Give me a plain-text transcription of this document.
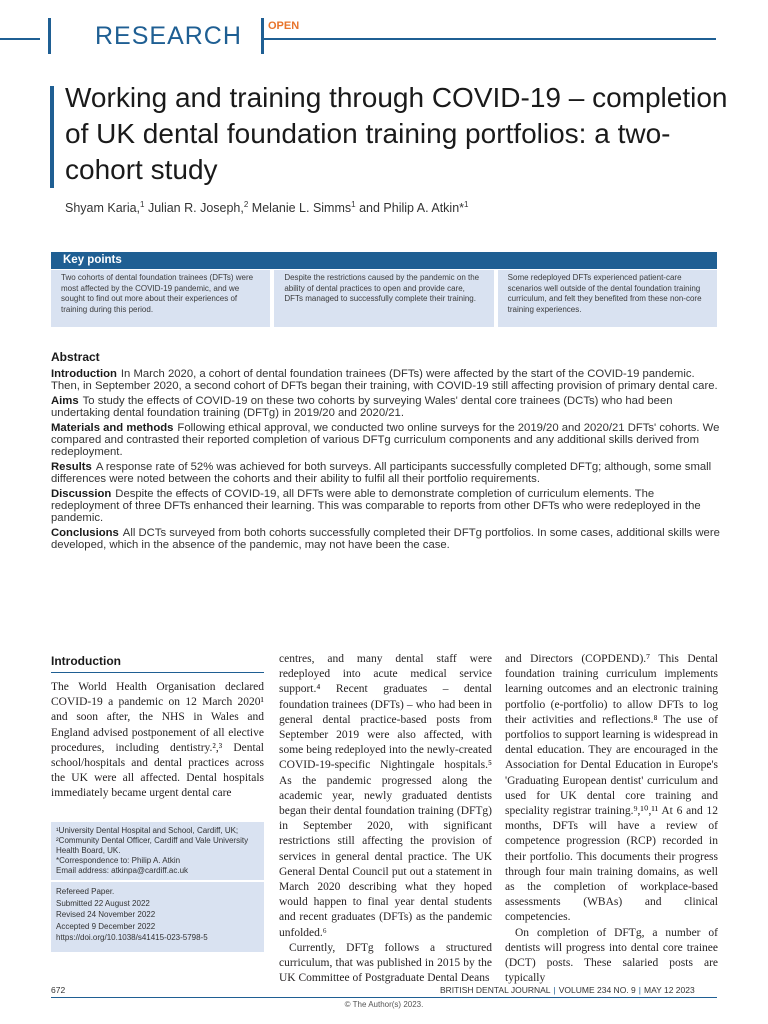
RESEARCH OPEN
Working and training through COVID-19 – completion of UK dental foundation training portfolios: a two-cohort study
Shyam Karia,$^1$ Julian R. Joseph,$^2$ Melanie L. Simms$^1$ and Philip A. Atkin*$^1$
Key points
Two cohorts of dental foundation trainees (DFTs) were most affected by the COVID-19 pandemic, and we sought to find out more about their experiences of training during this period.
Despite the restrictions caused by the pandemic on the ability of dental practices to open and provide care, DFTs managed to successfully complete their training.
Some redeployed DFTs experienced patient-care scenarios well outside of the dental foundation training curriculum, and felt they benefited from these non-core training experiences.
Abstract
Introduction In March 2020, a cohort of dental foundation trainees (DFTs) were affected by the start of the COVID-19 pandemic. Then, in September 2020, a second cohort of DFTs began their training, with COVID-19 still affecting provision of primary dental care.
Aims To study the effects of COVID-19 on these two cohorts by surveying Wales' dental core trainees (DCTs) who had been undertaking dental foundation training (DFTg) in 2019/20 and 2020/21.
Materials and methods Following ethical approval, we conducted two online surveys for the 2019/20 and 2020/21 DFTs' cohorts. We compared and contrasted their reported completion of various DFTg curriculum components and any additional skills derived from redeployment.
Results A response rate of 52% was achieved for both surveys. All participants successfully completed DFTg; although, some small differences were noted between the cohorts and their ability to fulfil all their portfolio requirements.
Discussion Despite the effects of COVID-19, all DFTs were able to demonstrate completion of curriculum elements. The redeployment of three DFTs enhanced their learning. This was comparable to reports from other DFTs who were redeployed in the pandemic.
Conclusions All DCTs surveyed from both cohorts successfully completed their DFTg portfolios. In some cases, additional skills were developed, which in the absence of the pandemic, may not have been the case.
Introduction

The World Health Organisation declared COVID-19 a pandemic on 12 March 2020¹ and soon after, the NHS in Wales and England advised postponement of all elective procedures, including dentistry.²,³ Dental school/hospitals and dental practices across the UK were all affected. Dental hospitals immediately became urgent dental care

¹University Dental Hospital and School, Cardiff, UK;
²Community Dental Officer, Cardiff and Vale University
Health Board, UK.
*Correspondence to: Philip A. Atkin
Email address: atkinpa@cardiff.ac.uk
Refereed Paper.
Submitted 22 August 2022
Revised 24 November 2022
Accepted 9 December 2022
https://doi.org/10.1038/s41415-023-5798-5

centres, and many dental staff were redeployed into acute medical service support.⁴ Recent graduates – dental foundation trainees (DFTs) – who had been in general dental practice-based posts from September 2019 were also affected, with some being redeployed into the newly-created COVID-19-specific Nightingale hospitals.⁵ As the pandemic progressed along the academic year, newly graduated dentists began their dental foundation training (DFTg) in September 2020, with significant restrictions still affecting the provision of services in general dental practice. The UK General Dental Council put out a statement in March 2020 describing what they hoped would happen to final year dental students and recent graduates (DFTs) as the pandemic unfolded.⁶

Currently, DFTg follows a structured curriculum, that was published in 2015 by the UK Committee of Postgraduate Dental Deans

and Directors (COPDEND).⁷ This Dental foundation training curriculum implements learning outcomes and an electronic training portfolio (e-portfolio) to allow DFTs to log their activities and reflections.⁸ The use of portfolios to support learning is widespread in dental education. They are encouraged in the Association for Dental Education in Europe's 'Graduating European dentist' curriculum and used for UK dental core training and speciality registrar training.⁹,¹⁰,¹¹ At 6 and 12 months, DFTs will have a review of competence progression (RCP) recorded in their portfolio. This documents their progress through four main training domains, as well as the completion of workplace-based assessments (WBAs) and clinical competencies.

On completion of DFTg, a number of dentists will progress into dental core trainee (DCT) posts. These salaried posts are typically

672	BRITISH DENTAL JOURNAL | VOLUME 234 NO. 9 | MAY 12 2023
© The Author(s) 2023.
